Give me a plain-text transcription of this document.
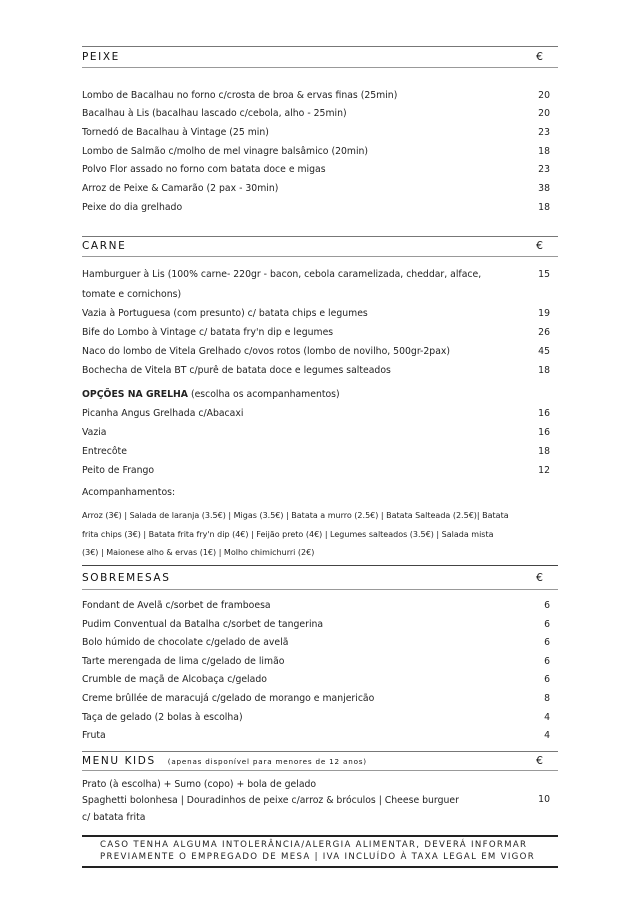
PEIXE	€
Lombo de Bacalhau no forno c/crosta de broa & ervas finas (25min)	20
Bacalhau à Lis (bacalhau lascado c/cebola, alho - 25min)	20
Tornedó de Bacalhau à Vintage (25 min)	23
Lombo de Salmão c/molho de mel vinagre balsâmico (20min)	18
Polvo Flor assado no forno com batata doce e migas	23
Arroz de Peixe & Camarão (2 pax - 30min)	38
Peixe do dia grelhado	18
CARNE	€
Hamburguer à Lis (100% carne- 220gr - bacon, cebola caramelizada, cheddar, alface,	15
tomate e cornichons)
Vazia à Portuguesa (com presunto) c/ batata chips e legumes	19
Bife do Lombo à Vintage c/ batata fry'n dip e legumes	26
Naco do lombo de Vitela Grelhado c/ovos rotos (lombo de novilho, 500gr-2pax)	45
Bochecha de Vitela BT c/purê de batata doce e legumes salteados	18
OPÇÕES NA GRELHA (escolha os acompanhamentos)
Picanha Angus Grelhada c/Abacaxi	16
Vazia	16
Entrecôte	18
Peito de Frango	12
Acompanhamentos:
Arroz (3€) | Salada de laranja (3.5€) | Migas (3.5€) | Batata a murro (2.5€) | Batata Salteada (2.5€)| Batata
frita chips (3€) | Batata frita fry'n dip (4€) | Feijão preto (4€) | Legumes salteados (3.5€) | Salada mista
(3€) | Maionese alho & ervas (1€) | Molho chimichurri (2€)
SOBREMESAS	€
Fondant de Avelã c/sorbet de framboesa	6
Pudim Conventual da Batalha c/sorbet de tangerina	6
Bolo húmido de chocolate c/gelado de avelã	6
Tarte merengada de lima c/gelado de limão	6
Crumble de maçã de Alcobaça c/gelado	6
Creme brûllée de maracujá c/gelado de morango e manjericão	8
Taça de gelado (2 bolas à escolha)	4
Fruta	4
MENU KIDS (apenas disponível para menores de 12 anos)	€
Prato (à escolha) + Sumo (copo) + bola de gelado
Spaghetti bolonhesa | Douradinhos de peixe c/arroz & bróculos | Cheese burguer	10
c/ batata frita
CASO TENHA ALGUMA INTOLERÂNCIA/ALERGIA ALIMENTAR, DEVERÁ INFORMAR
PREVIAMENTE O EMPREGADO DE MESA | IVA INCLUÍDO À TAXA LEGAL EM VIGOR
